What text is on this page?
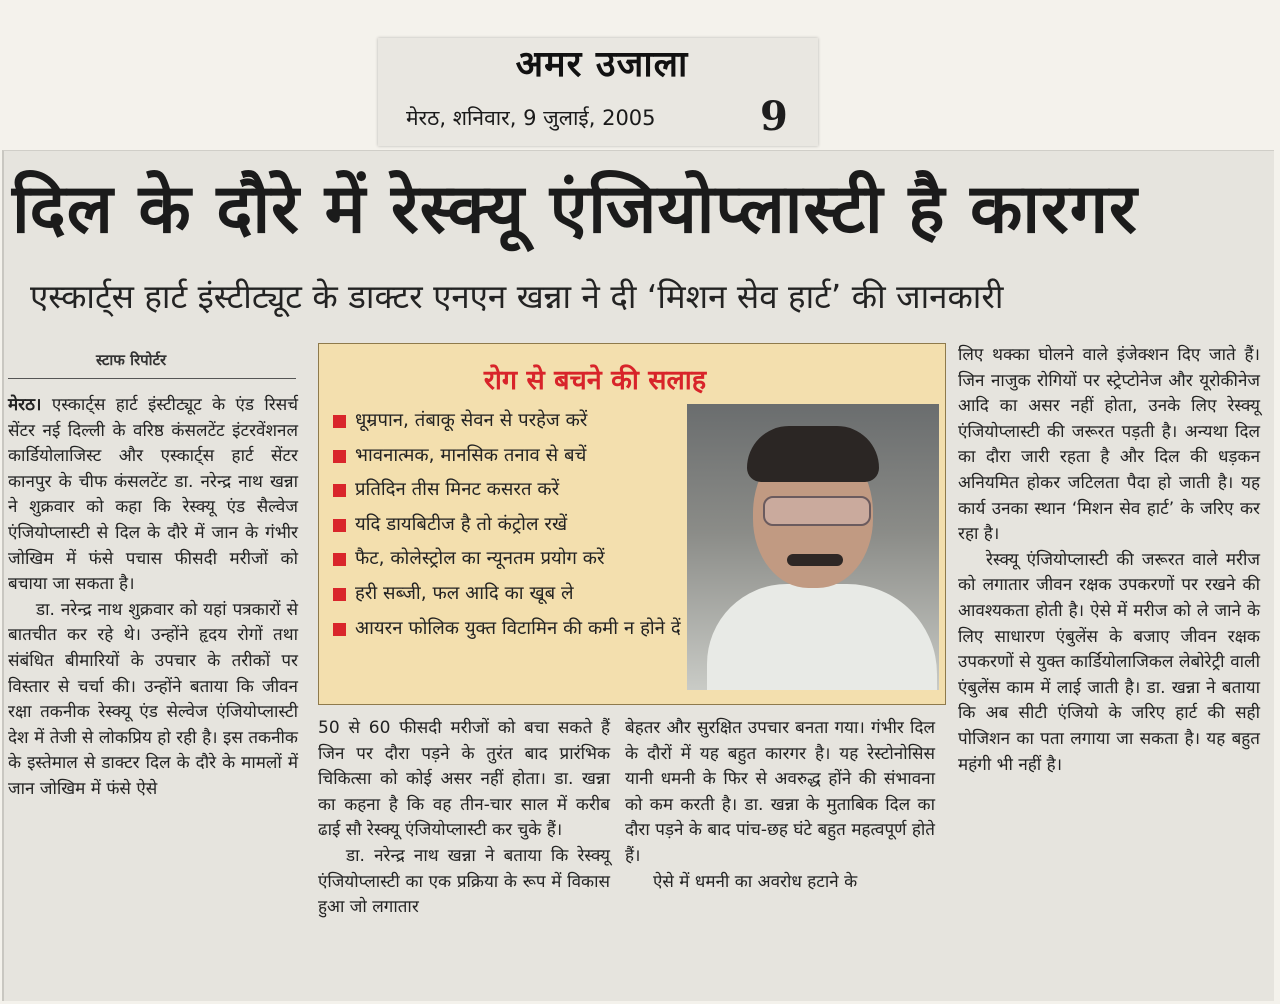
अमर उजाला
मेरठ, शनिवार, 9 जुलाई, 2005	9
दिल के दौरे में रेस्क्यू एंजियोप्लास्टी है कारगर
एस्कार्ट्स हार्ट इंस्टीट्यूट के डाक्टर एनएन खन्ना ने दी ‘मिशन सेव हार्ट’ की जानकारी
स्टाफ रिपोर्टर

मेरठ। एस्कार्ट्स हार्ट इंस्टीट्यूट के एंड रिसर्च सेंटर नई दिल्ली के वरिष्ठ कंसलटेंट इंटरवेंशनल कार्डियोलाजिस्ट और एस्कार्ट्स हार्ट सेंटर कानपुर के चीफ कंसलटेंट डा. नरेन्द्र नाथ खन्ना ने शुक्रवार को कहा कि रेस्क्यू एंड सैल्वेज एंजियोप्लास्टी से दिल के दौरे में जान के गंभीर जोखिम में फंसे पचास फीसदी मरीजों को बचाया जा सकता है।

डा. नरेन्द्र नाथ शुक्रवार को यहां पत्रकारों से बातचीत कर रहे थे। उन्होंने हृदय रोगों तथा संबंधित बीमारियों के उपचार के तरीकों पर विस्तार से चर्चा की। उन्होंने बताया कि जीवन रक्षा तकनीक रेस्क्यू एंड सेल्वेज एंजियोप्लास्टी देश में तेजी से लोकप्रिय हो रही है। इस तकनीक के इस्तेमाल से डाक्टर दिल के दौरे के मामलों में जान जोखिम में फंसे ऐसे

रोग से बचने की सलाह
धूम्रपान, तंबाकू सेवन से परहेज करें
भावनात्मक, मानसिक तनाव से बचें
प्रतिदिन तीस मिनट कसरत करें
यदि डायबिटीज है तो कंट्रोल रखें
फैट, कोलेस्ट्रोल का न्यूनतम प्रयोग करें
हरी सब्जी, फल आदि का खूब ले
आयरन फोलिक युक्त विटामिन की कमी न होने दें

50 से 60 फीसदी मरीजों को बचा सकते हैं जिन पर दौरा पड़ने के तुरंत बाद प्रारंभिक चिकित्सा को कोई असर नहीं होता। डा. खन्ना का कहना है कि वह तीन-चार साल में करीब ढाई सौ रेस्क्यू एंजियोप्लास्टी कर चुके हैं।

डा. नरेन्द्र नाथ खन्ना ने बताया कि रेस्क्यू एंजियोप्लास्टी का एक प्रक्रिया के रूप में विकास हुआ जो लगातार

बेहतर और सुरक्षित उपचार बनता गया। गंभीर दिल के दौरों में यह बहुत कारगर है। यह रेस्टोनोसिस यानी धमनी के फिर से अवरुद्ध होंने की संभावना को कम करती है। डा. खन्ना के मुताबिक दिल का दौरा पड़ने के बाद पांच-छह घंटे बहुत महत्वपूर्ण होते हैं।

ऐसे में धमनी का अवरोध हटाने के

लिए थक्का घोलने वाले इंजेक्शन दिए जाते हैं। जिन नाजुक रोगियों पर स्ट्रेप्टोनेज और यूरोकीनेज आदि का असर नहीं होता, उनके लिए रेस्क्यू एंजियोप्लास्टी की जरूरत पड़ती है। अन्यथा दिल का दौरा जारी रहता है और दिल की धड़कन अनियमित होकर जटिलता पैदा हो जाती है। यह कार्य उनका स्थान ‘मिशन सेव हार्ट’ के जरिए कर रहा है।

रेस्क्यू एंजियोप्लास्टी की जरूरत वाले मरीज को लगातार जीवन रक्षक उपकरणों पर रखने की आवश्यकता होती है। ऐसे में मरीज को ले जाने के लिए साधारण एंबुलेंस के बजाए जीवन रक्षक उपकरणों से युक्त कार्डियोलाजिकल लेबोरेट्री वाली एंबुलेंस काम में लाई जाती है। डा. खन्ना ने बताया कि अब सीटी एंजियो के जरिए हार्ट की सही पोजिशन का पता लगाया जा सकता है। यह बहुत महंगी भी नहीं है।
